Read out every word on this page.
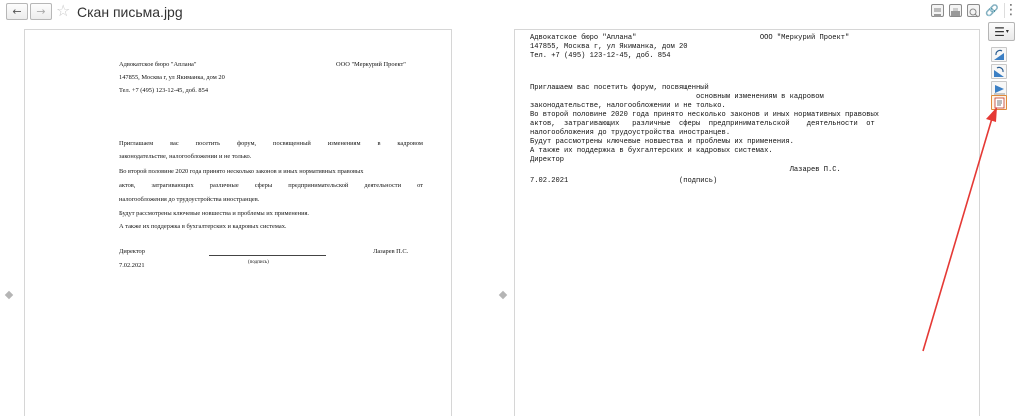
← → ☆ Скан письма.jpg	🔗 ⋮
Адвокатское бюро "Аплана"	ООО "Меркурий Проект"
147855, Москва г, ул Якиманка, дом 20
Тел. +7 (495) 123-12-45, доб. 854
Приглашаем	вас	посетить	форум,	посвященный	изменениям	в	кадровом
законодательстве, налогообложении и не только.
Во второй половине 2020 года принято несколько законов и иных нормативных правовых
актов,	затрагивающих	различные	сферы	предпринимательской	деятельности	от
налогообложения до трудоустройства иностранцев.
Будут рассмотрены ключевые новшества и проблемы их применения.
А также их поддержка в бухгалтерских и кадровых системах.
Директор	Лазарев П.С.
(подпись)
7.02.2021
Адвокатское бюро "Аплана"                             ООО "Меркурий Проект"
147855, Москва г, ул Якиманка, дом 20
Тел. +7 (495) 123-12-45, доб. 854
Приглашаем вас посетить форум, посвященный
основным изменениям в кадровом
законодательстве, налогообложении и не только.
Во второй половине 2020 года принято несколько законов и иных нормативных правовых
актов,  затрагивающих   различные  сферы  предпринимательской    деятельности  от
налогообложения до трудоустройства иностранцев.
Будут рассмотрены ключевые новшества и проблемы их применения.
А также их поддержка в бухгалтерских и кадровых системах.
Директор
Лазарев П.С.
7.02.2021                          (подпись)
☰ ▾
